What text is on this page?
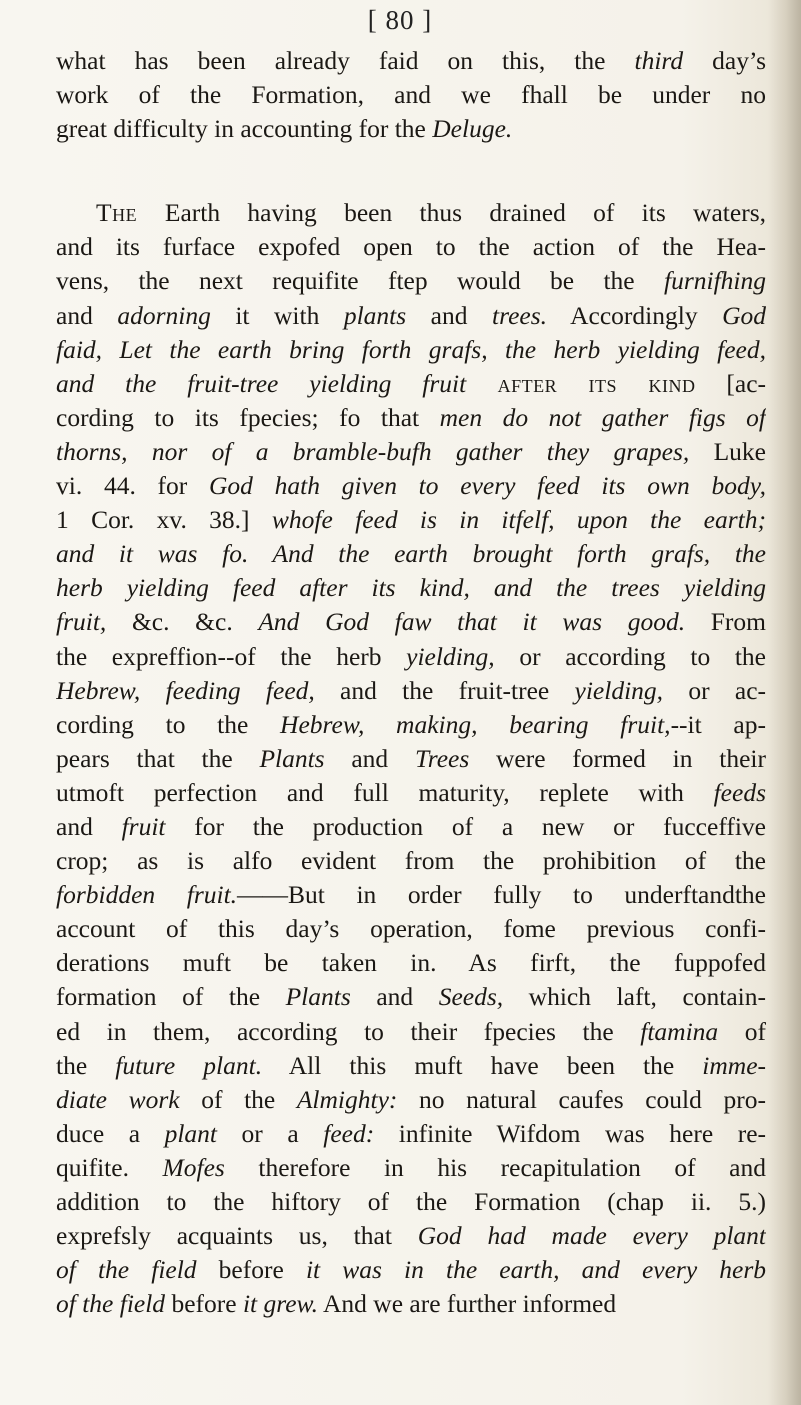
[ 80 ]
what has been already faid on this, the third day’s
work of the Formation, and we fhall be under no
great difficulty in accounting for the Deluge.
The Earth having been thus drained of its waters,
and its furface expofed open to the action of the Hea-
vens, the next requifite ftep would be the furnifhing
and adorning it with plants and trees. Accordingly God
faid, Let the earth bring forth grafs, the herb yielding feed,
and the fruit-tree yielding fruit after its kind [ac-
cording to its fpecies; fo that men do not gather figs of
thorns, nor of a bramble-bufh gather they grapes, Luke
vi. 44. for God hath given to every feed its own body,
1 Cor. xv. 38.] whofe feed is in itfelf, upon the earth;
and it was fo. And the earth brought forth grafs, the
herb yielding feed after its kind, and the trees yielding
fruit, &c. &c. And God faw that it was good. From
the expreffion--of the herb yielding, or according to the
Hebrew, feeding feed, and the fruit-tree yielding, or ac-
cording to the Hebrew, making, bearing fruit,--it ap-
pears that the Plants and Trees were formed in their
utmoft perfection and full maturity, replete with feeds
and fruit for the production of a new or fucceffive
crop; as is alfo evident from the prohibition of the
forbidden fruit.——But in order fully to underftandthe
account of this day’s operation, fome previous confi-
derations muft be taken in. As firft, the fuppofed
formation of the Plants and Seeds, which laft, contain-
ed in them, according to their fpecies the ftamina of
the future plant. All this muft have been the imme-
diate work of the Almighty: no natural caufes could pro-
duce a plant or a feed: infinite Wifdom was here re-
quifite. Mofes therefore in his recapitulation of and
addition to the hiftory of the Formation (chap ii. 5.)
exprefsly acquaints us, that God had made every plant
of the field before it was in the earth, and every herb
of the field before it grew. And we are further informed
